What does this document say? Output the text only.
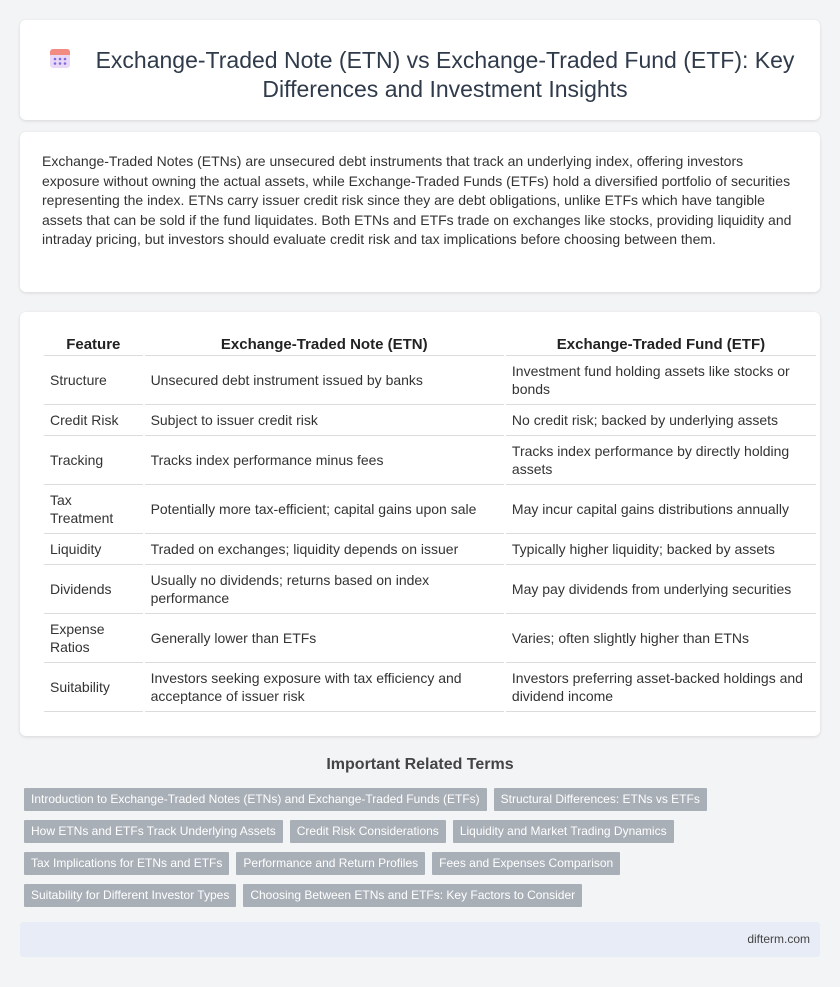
Exchange-Traded Note (ETN) vs Exchange-Traded Fund (ETF): Key Differences and Investment Insights

Exchange-Traded Notes (ETNs) are unsecured debt instruments that track an underlying index, offering investors exposure without owning the actual assets, while Exchange-Traded Funds (ETFs) hold a diversified portfolio of securities representing the index. ETNs carry issuer credit risk since they are debt obligations, unlike ETFs which have tangible assets that can be sold if the fund liquidates. Both ETNs and ETFs trade on exchanges like stocks, providing liquidity and intraday pricing, but investors should evaluate credit risk and tax implications before choosing between them.

Feature	Exchange-Traded Note (ETN)	Exchange-Traded Fund (ETF)
Structure	Unsecured debt instrument issued by banks	Investment fund holding assets like stocks or bonds
Credit Risk	Subject to issuer credit risk	No credit risk; backed by underlying assets
Tracking	Tracks index performance minus fees	Tracks index performance by directly holding assets
Tax Treatment	Potentially more tax-efficient; capital gains upon sale	May incur capital gains distributions annually
Liquidity	Traded on exchanges; liquidity depends on issuer	Typically higher liquidity; backed by assets
Dividends	Usually no dividends; returns based on index performance	May pay dividends from underlying securities
Expense Ratios	Generally lower than ETFs	Varies; often slightly higher than ETNs
Suitability	Investors seeking exposure with tax efficiency and acceptance of issuer risk	Investors preferring asset-backed holdings and dividend income
Important Related Terms
Introduction to Exchange-Traded Notes (ETNs) and Exchange-Traded Funds (ETFs)	Structural Differences: ETNs vs ETFs
How ETNs and ETFs Track Underlying Assets	Credit Risk Considerations	Liquidity and Market Trading Dynamics
Tax Implications for ETNs and ETFs	Performance and Return Profiles	Fees and Expenses Comparison
Suitability for Different Investor Types	Choosing Between ETNs and ETFs: Key Factors to Consider
difterm.com
